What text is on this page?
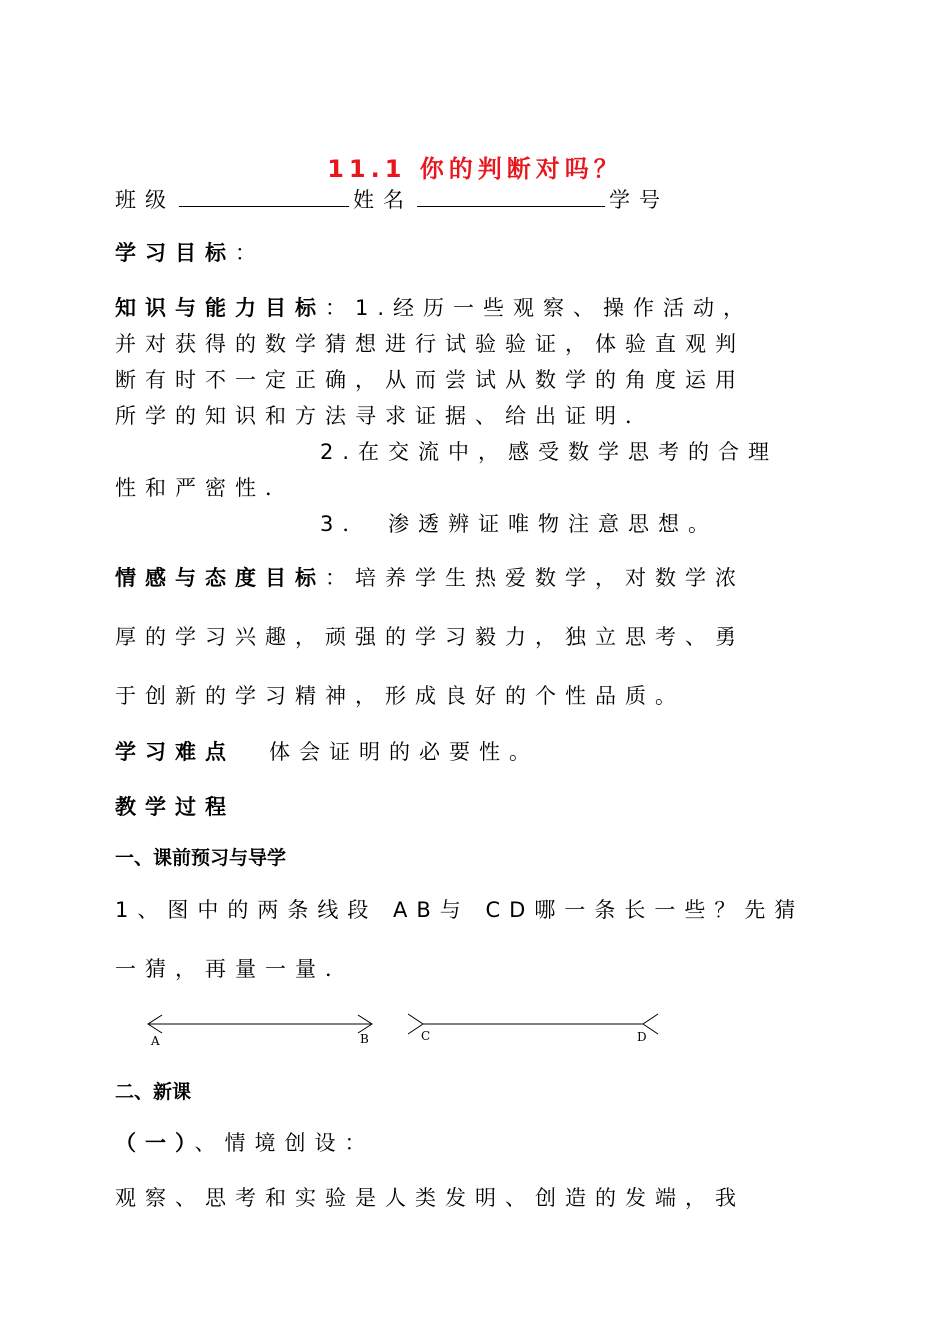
11.1 你的判断对吗？
班级	姓名	学号
学习目标：
知识与能力目标：1.经历一些观察、操作活动，
并对获得的数学猜想进行试验验证，体验直观判
断有时不一定正确，从而尝试从数学的角度运用
所学的知识和方法寻求证据、给出证明．
2.在交流中，感受数学思考的合理
性和严密性．
3． 渗透辨证唯物注意思想。
情感与态度目标：培养学生热爱数学，对数学浓
厚的学习兴趣，顽强的学习毅力，独立思考、勇
于创新的学习精神，形成良好的个性品质。
学习难点 体会证明的必要性。
教学过程
一、课前预习与导学
1、图中的两条线段 AB与 CD哪一条长一些？先猜
一猜，再量一量．
A	B	C	D
二、新课
（一）、情境创设：
观察、思考和实验是人类发明、创造的发端，我
